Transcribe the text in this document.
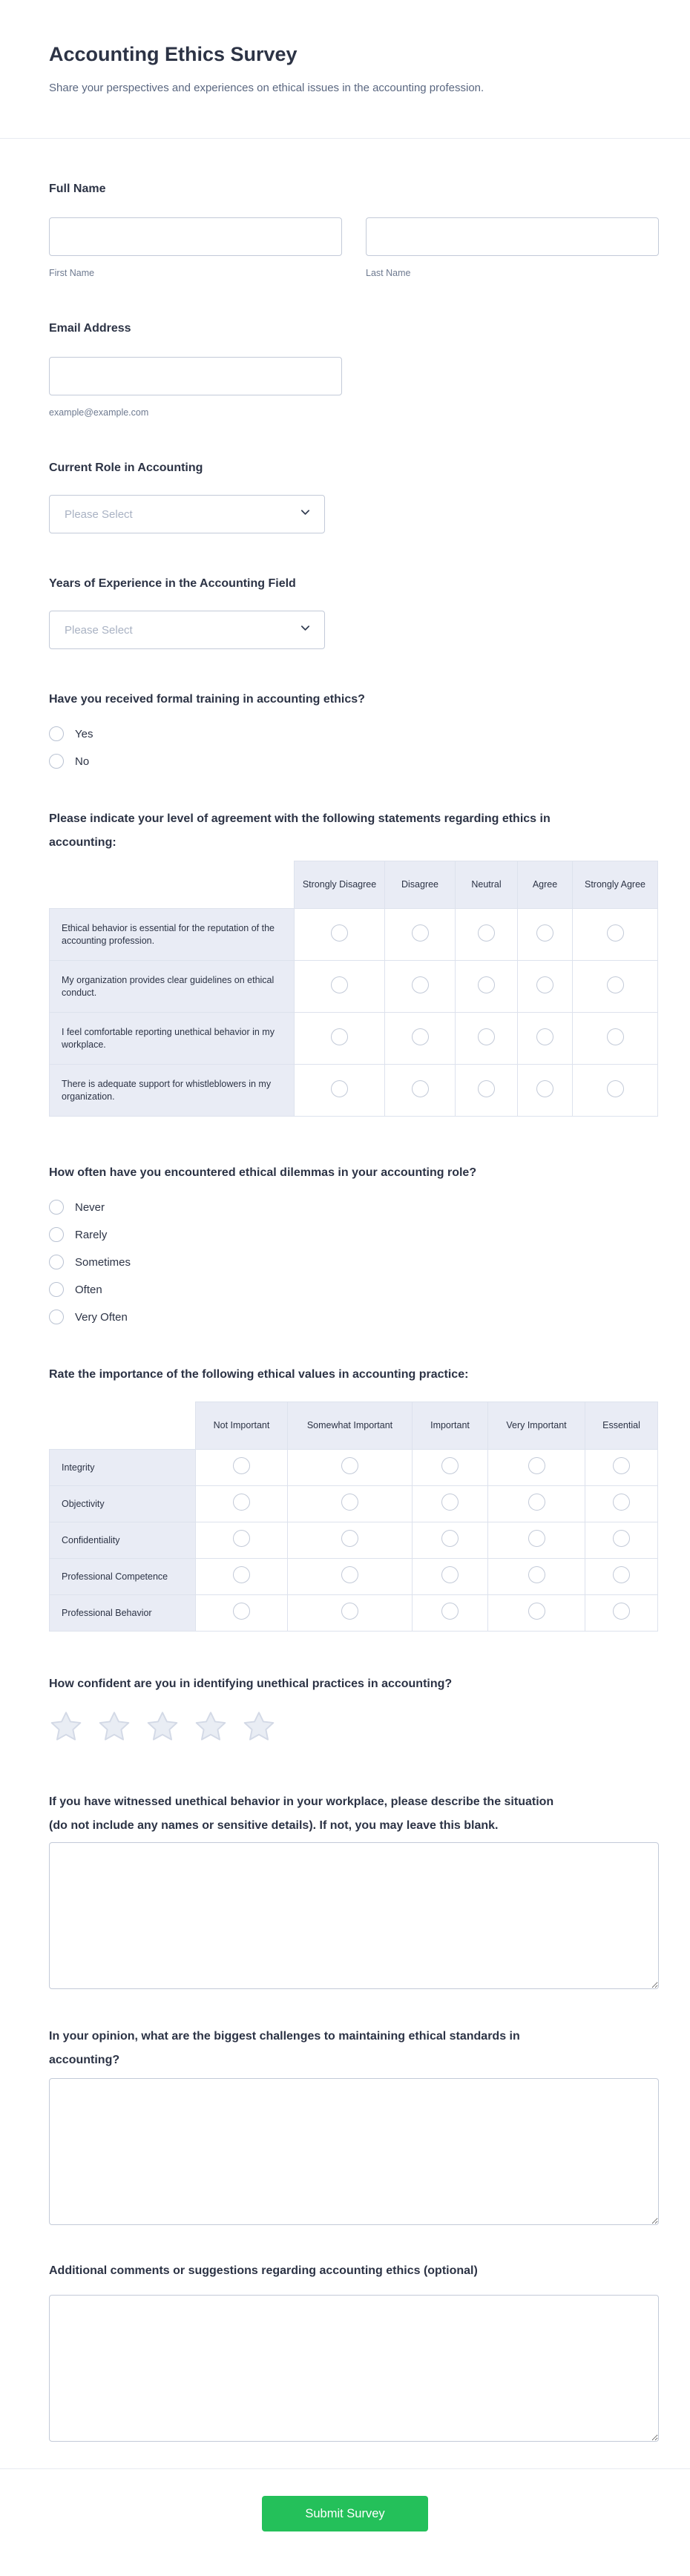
Accounting Ethics Survey
Share your perspectives and experiences on ethical issues in the accounting profession.
Full Name
First Name	Last Name
Email Address
example@example.com
Current Role in Accounting
Please Select
Years of Experience in the Accounting Field
Please Select
Have you received formal training in accounting ethics?
Yes
No
Please indicate your level of agreement with the following statements regarding ethics in accounting:
	Strongly Disagree	Disagree	Neutral	Agree	Strongly Agree
Ethical behavior is essential for the reputation of the accounting profession.					
My organization provides clear guidelines on ethical conduct.					
I feel comfortable reporting unethical behavior in my workplace.					
There is adequate support for whistleblowers in my organization.					
How often have you encountered ethical dilemmas in your accounting role?
Never
Rarely
Sometimes
Often
Very Often
Rate the importance of the following ethical values in accounting practice:
	Not Important	Somewhat Important	Important	Very Important	Essential
Integrity					
Objectivity					
Confidentiality					
Professional Competence					
Professional Behavior					
How confident are you in identifying unethical practices in accounting?
If you have witnessed unethical behavior in your workplace, please describe the situation (do not include any names or sensitive details). If not, you may leave this blank.
In your opinion, what are the biggest challenges to maintaining ethical standards in accounting?
Additional comments or suggestions regarding accounting ethics (optional)
Submit Survey
